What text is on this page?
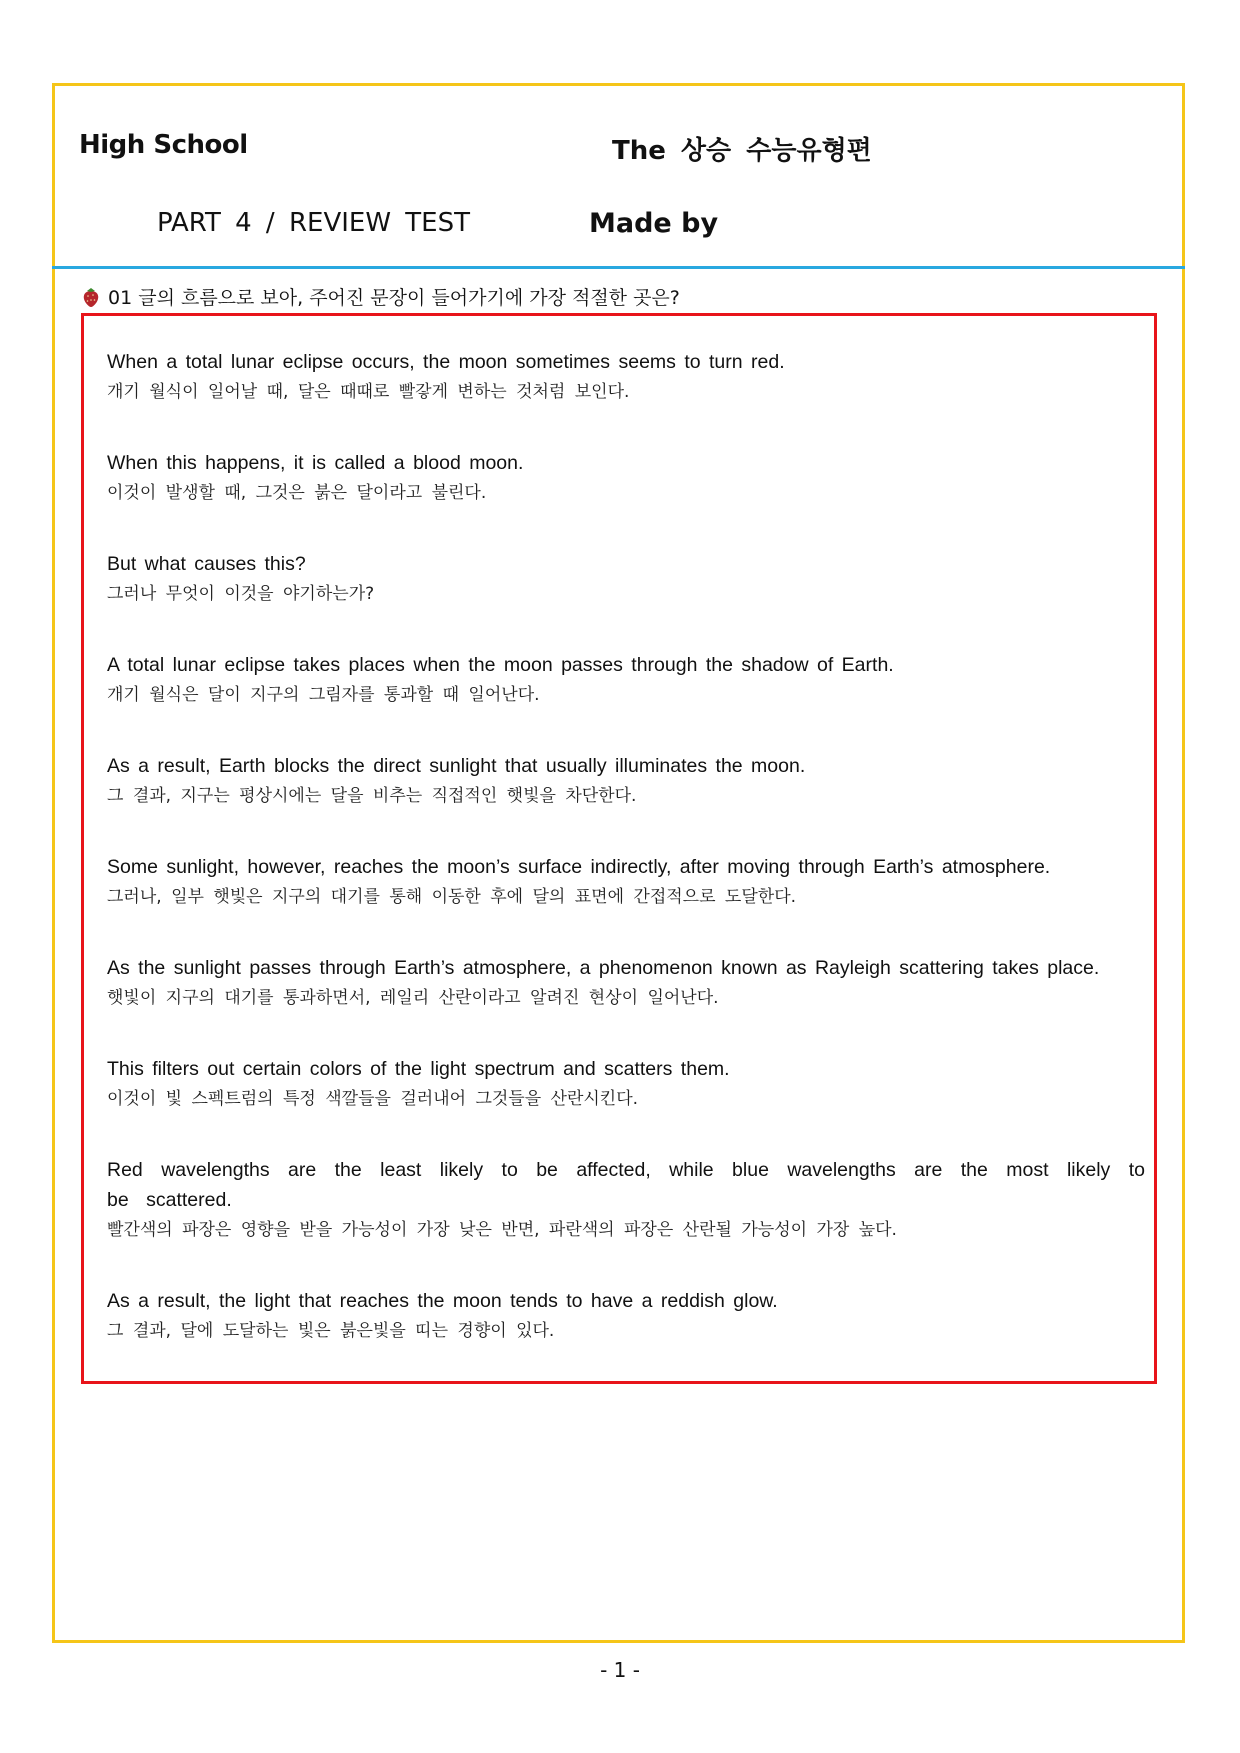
High School	The 상승 수능유형편
PART 4 / REVIEW TEST	Made by
01 글의 흐름으로 보아, 주어진 문장이 들어가기에 가장 적절한 곳은?
When a total lunar eclipse occurs, the moon sometimes seems to turn red.
개기 월식이 일어날 때, 달은 때때로 빨갛게 변하는 것처럼 보인다.
When this happens, it is called a blood moon.
이것이 발생할 때, 그것은 붉은 달이라고 불린다.
But what causes this?
그러나 무엇이 이것을 야기하는가?
A total lunar eclipse takes places when the moon passes through the shadow of Earth.
개기 월식은 달이 지구의 그림자를 통과할 때 일어난다.
As a result, Earth blocks the direct sunlight that usually illuminates the moon.
그 결과, 지구는 평상시에는 달을 비추는 직접적인 햇빛을 차단한다.
Some sunlight, however, reaches the moon’s surface indirectly, after moving through Earth’s atmosphere.
그러나, 일부 햇빛은 지구의 대기를 통해 이동한 후에 달의 표면에 간접적으로 도달한다.
As the sunlight passes through Earth’s atmosphere, a phenomenon known as Rayleigh scattering takes place.
햇빛이 지구의 대기를 통과하면서, 레일리 산란이라고 알려진 현상이 일어난다.
This filters out certain colors of the light spectrum and scatters them.
이것이 빛 스펙트럼의 특정 색깔들을 걸러내어 그것들을 산란시킨다.
Red wavelengths are the least likely to be affected, while blue wavelengths are the most likely to be scattered.
빨간색의 파장은 영향을 받을 가능성이 가장 낮은 반면, 파란색의 파장은 산란될 가능성이 가장 높다.
As a result, the light that reaches the moon tends to have a reddish glow.
그 결과, 달에 도달하는 빛은 붉은빛을 띠는 경향이 있다.
- 1 -
